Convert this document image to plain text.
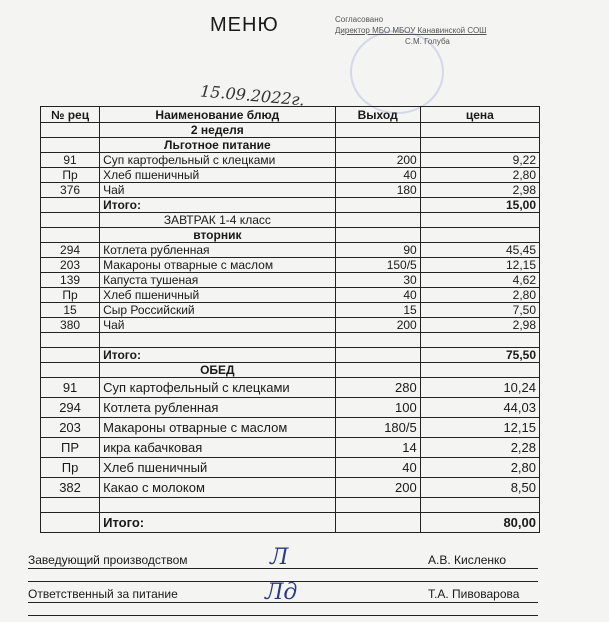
МЕНЮ	Согласовано
Директор МБО МБОУ Канавинской СОШ
С.М. Голуба
15.09.2022г.
№ рец	Наименование блюд	Выход	цена
	2 неделя		
	Льготное питание		
91	Суп картофельный с клецками	200	9,22
Пр	Хлеб пшеничный	40	2,80
376	Чай	180	2,98
	Итого:		15,00
	ЗАВТРАК 1-4 класс		
	вторник		
294	Котлета рубленная	90	45,45
203	Макароны отварные с маслом	150/5	12,15
139	Капуста тушеная	30	4,62
Пр	Хлеб пшеничный	40	2,80
15	Сыр Российский	15	7,50
380	Чай	200	2,98

	Итого:		75,50
	ОБЕД		
91	Суп картофельный с клецками	280	10,24
294	Котлета рубленная	100	44,03
203	Макароны отварные с маслом	180/5	12,15
ПР	икра кабачковая	14	2,28
Пр	Хлеб пшеничный	40	2,80
382	Какао с молоком	200	8,50

	Итого:		80,00
Заведующий производством	А.В. Кисленко
Л
Ответственный за питание	Т.А. Пивоварова
Лд
